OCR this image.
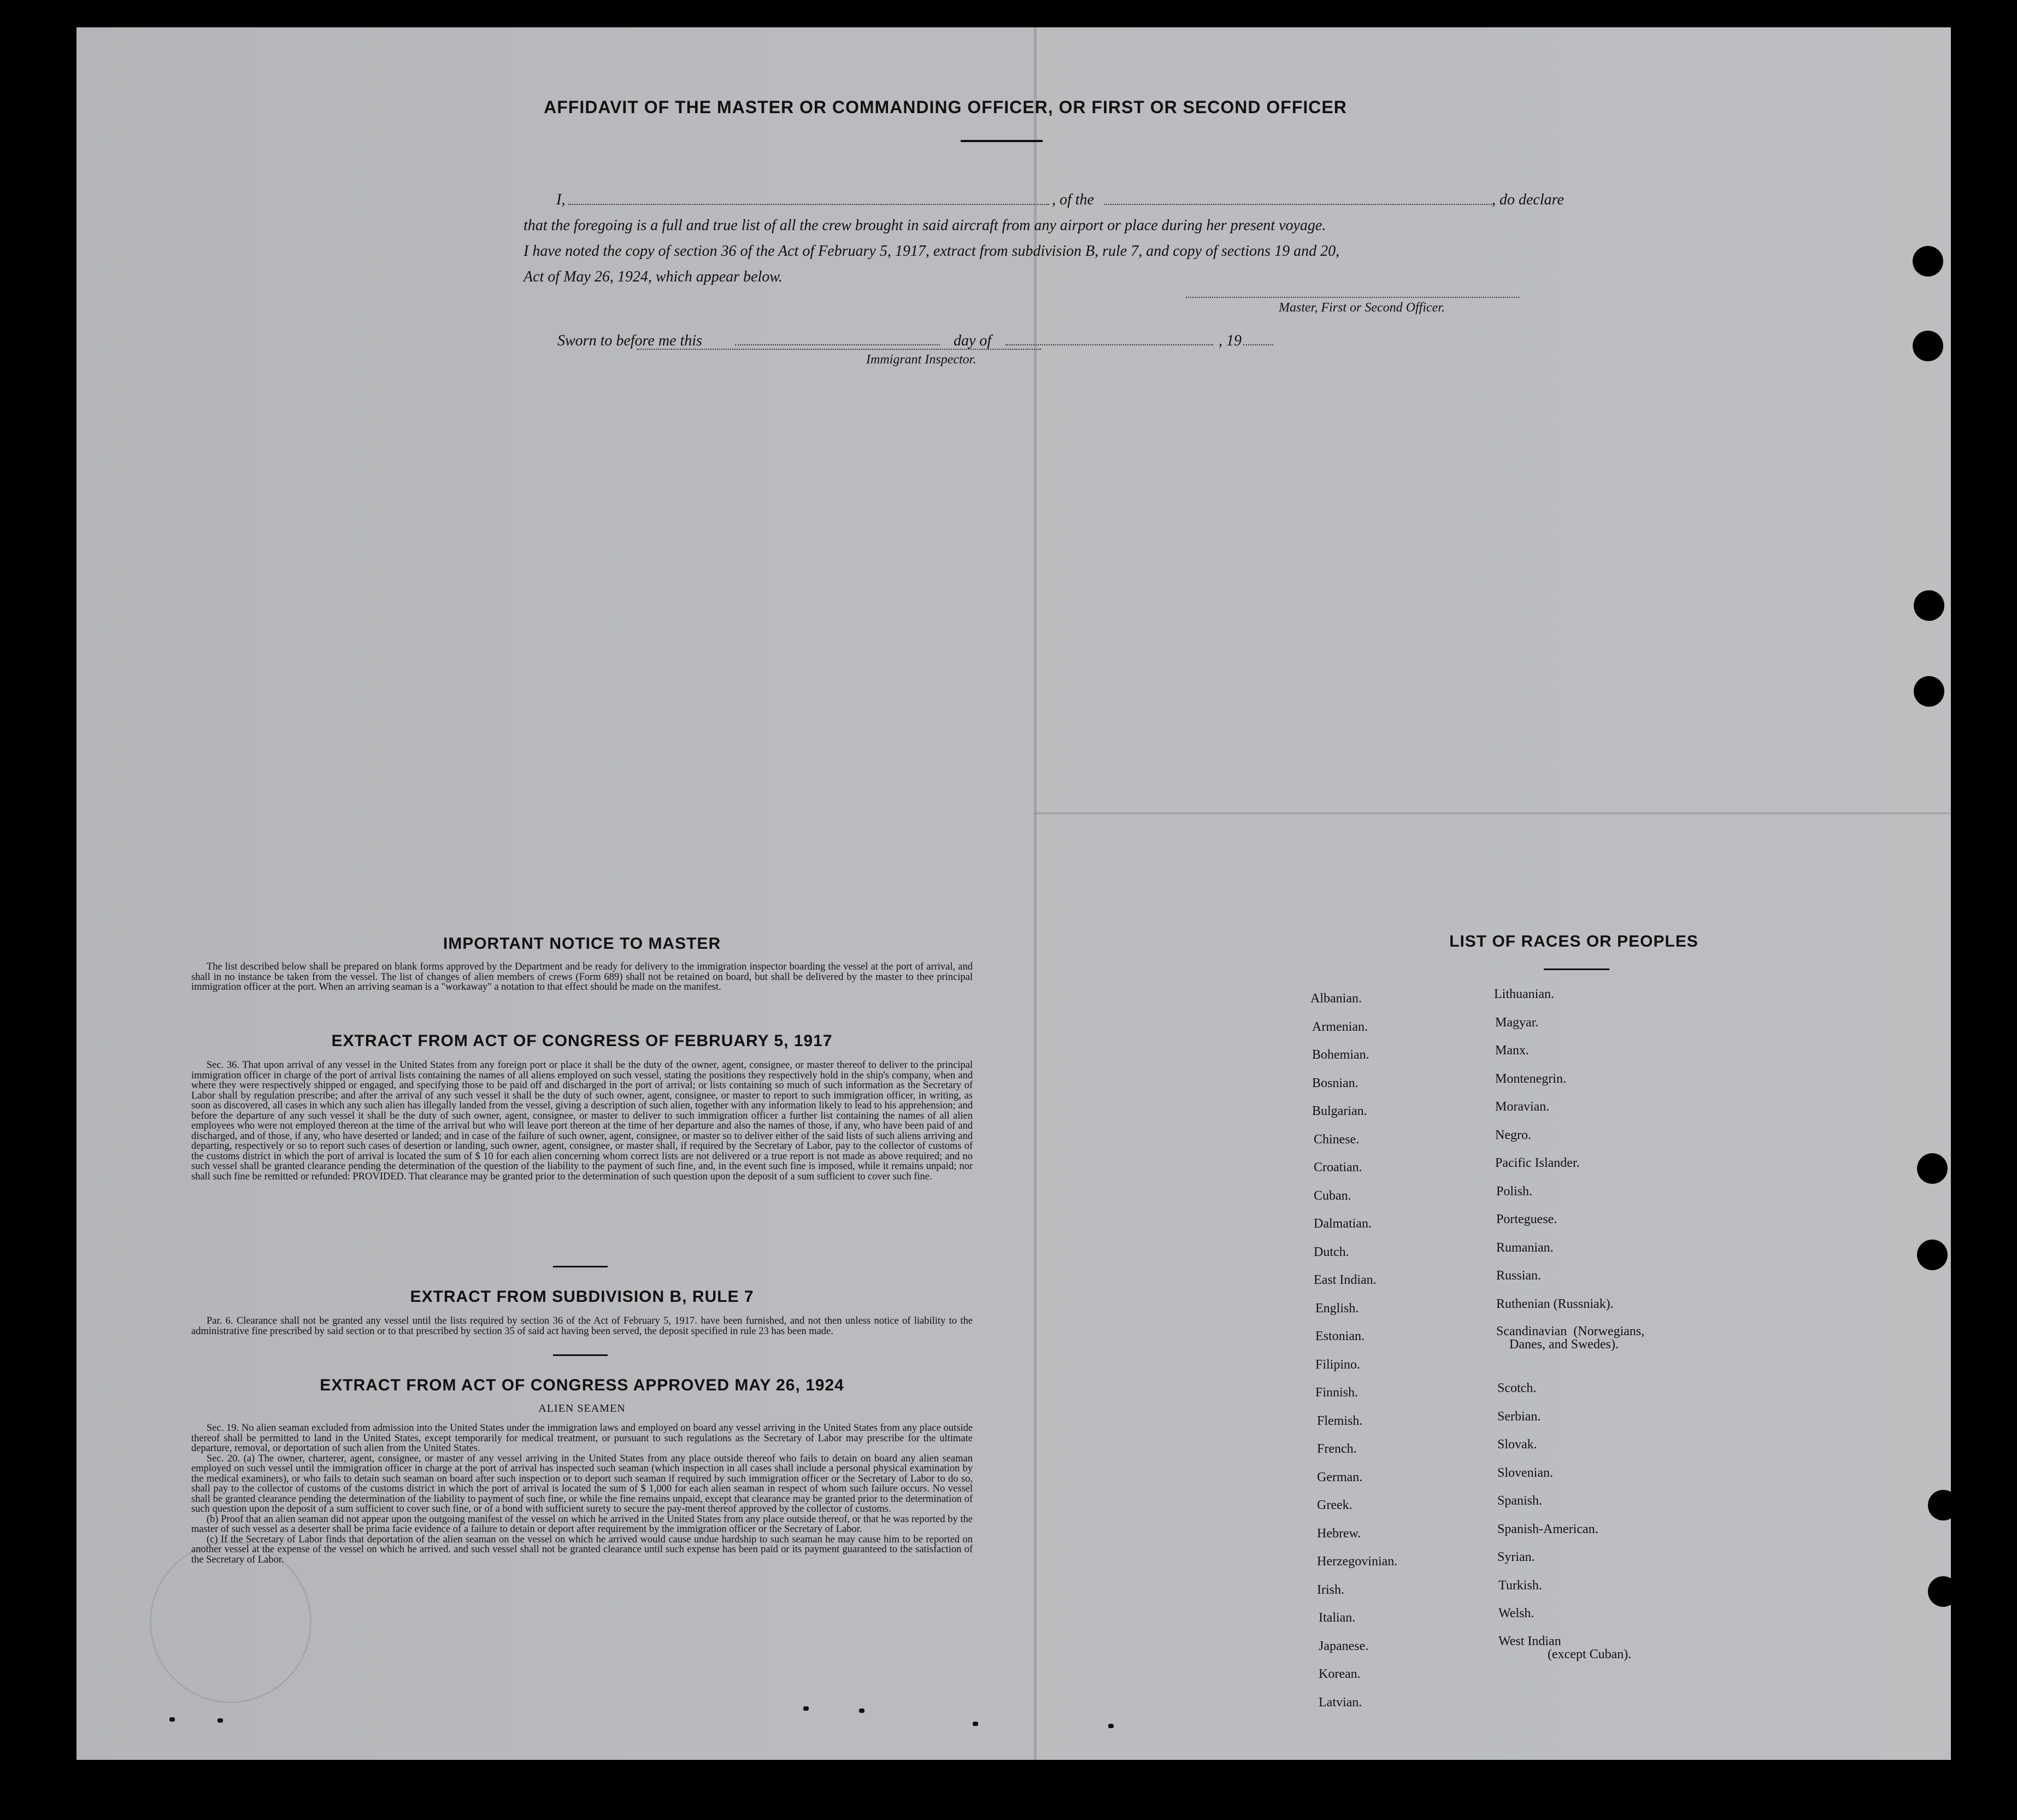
AFFIDAVIT OF THE MASTER OR COMMANDING OFFICER, OR FIRST OR SECOND OFFICER
I,	, of the	, do declare
that the foregoing is a full and true list of all the crew brought in said aircraft from any airport or place during her present voyage.
I have noted the copy of section 36 of the Act of February 5, 1917, extract from subdivision B, rule 7, and copy of sections 19 and 20,
Act of May 26, 1924, which appear below.
Master, First or Second Officer.
Sworn to before me this	day of	, 19
Immigrant Inspector.
IMPORTANT NOTICE TO MASTER
The list described below shall be prepared on blank forms approved by the Department and be ready for delivery to the immigration inspector boarding the vessel at the port of arrival, and shall in no instance be taken from the vessel. The list of changes of alien members of crews (Form 689) shall not be retained on board, but shall be delivered by the master to thee principal immigration officer at the port. When an arriving seaman is a "workaway" a notation to that effect should be made on the manifest.
EXTRACT FROM ACT OF CONGRESS OF FEBRUARY 5, 1917
Sec. 36. That upon arrival of any vessel in the United States from any foreign port or place it shall be the duty of the owner, agent, consignee, or master thereof to deliver to the principal immigration officer in charge of the port of arrival lists containing the names of all aliens employed on such vessel, stating the positions they respectively hold in the ship's company, when and where they were respectively shipped or engaged, and specifying those to be paid off and discharged in the port of arrival; or lists containing so much of such information as the Secretary of Labor shall by regulation prescribe; and after the arrival of any such vessel it shall be the duty of such owner, agent, consignee, or master to report to such immigration officer, in writing, as soon as discovered, all cases in which any such alien has illegally landed from the vessel, giving a description of such alien, together with any information likely to lead to his apprehension; and before the departure of any such vessel it shall be the duty of such owner, agent, consignee, or master to deliver to such immigration officer a further list containing the names of all alien employees who were not employed thereon at the time of the arrival but who will leave port thereon at the time of her departure and also the names of those, if any, who have been paid of and discharged, and of those, if any, who have deserted or landed; and in case of the failure of such owner, agent, consignee, or master so to deliver either of the said lists of such aliens arriving and departing, respectively or so to report such cases of desertion or landing, such owner, agent, consignee, or master shall, if required by the Secretary of Labor, pay to the collector of customs of the customs district in which the port of arrival is located the sum of $ 10 for each alien concerning whom correct lists are not delivered or a true report is not made as above required; and no such vessel shall be granted clearance pending the determination of the question of the liability to the payment of such fine, and, in the event such fine is imposed, while it remains unpaid; nor shall such fine be remitted or refunded: PROVIDED. That clearance may be granted prior to the determination of such question upon the deposit of a sum sufficient to cover such fine.
EXTRACT FROM SUBDIVISION B, RULE 7
Par. 6. Clearance shall not be granted any vessel until the lists required by section 36 of the Act of February 5, 1917. have been furnished, and not then unless notice of liability to the administrative fine prescribed by said section or to that prescribed by section 35 of said act having been served, the deposit specified in rule 23 has been made.
EXTRACT FROM ACT OF CONGRESS APPROVED MAY 26, 1924
ALIEN SEAMEN

Sec. 19. No alien seaman excluded from admission into the United States under the immigration laws and employed on board any vessel arriving in the United States from any place outside thereof shall be permitted to land in the United States, except temporarily for medical treatment, or pursuant to such regulations as the Secretary of Labor may prescribe for the ultimate departure, removal, or deportation of such alien from the United States.

Sec. 20. (a) The owner, charterer, agent, consignee, or master of any vessel arriving in the United States from any place outside thereof who fails to detain on board any alien seaman employed on such vessel until the immigration officer in charge at the port of arrival has inspected such seaman (which inspection in all cases shall include a personal physical examination by the medical examiners), or who fails to detain such seaman on board after such inspection or to deport such seaman if required by such immigration officer or the Secretary of Labor to do so, shall pay to the collector of customs of the customs district in which the port of arrival is located the sum of $ 1,000 for each alien seaman in respect of whom such failure occurs. No vessel shall be granted clearance pending the determination of the liability to payment of such fine, or while the fine remains unpaid, except that clearance may be granted prior to the determination of such question upon the deposit of a sum sufficient to cover such fine, or of a bond with sufficient surety to secure the pay-ment thereof approved by the collector of customs.

(b) Proof that an alien seaman did not appear upon the outgoing manifest of the vessel on which he arrived in the United States from any place outside thereof, or that he was reported by the master of such vessel as a deserter shall be prima facie evidence of a failure to detain or deport after requirement by the immigration officer or the Secretary of Labor.

(c) If the Secretary of Labor finds that deportation of the alien seaman on the vessel on which he arrived would cause undue hardship to such seaman he may cause him to be reported on another vessel at the expense of the vessel on which he arrived. and such vessel shall not be granted clearance until such expense has been paid or its payment guaranteed to the satisfaction of the Secretary of Labor.

LIST OF RACES OR PEOPLES
Albanian.
Armenian.
Bohemian.
Bosnian.
Bulgarian.
Chinese.
Croatian.
Cuban.
Dalmatian.
Dutch.
East Indian.
English.
Estonian.
Filipino.
Finnish.
Flemish.
French.
German.
Greek.
Hebrew.
Herzegovinian.
Irish.
Italian.
Japanese.
Korean.
Latvian.
Lithuanian.
Magyar.
Manx.
Montenegrin.
Moravian.
Negro.
Pacific Islander.
Polish.
Porteguese.
Rumanian.
Russian.
Ruthenian (Russniak).
Scandinavian  (Norwegians,
Danes, and Swedes).
Scotch.
Serbian.
Slovak.
Slovenian.
Spanish.
Spanish-American.
Syrian.
Turkish.
Welsh.
West Indian
(except Cuban).
